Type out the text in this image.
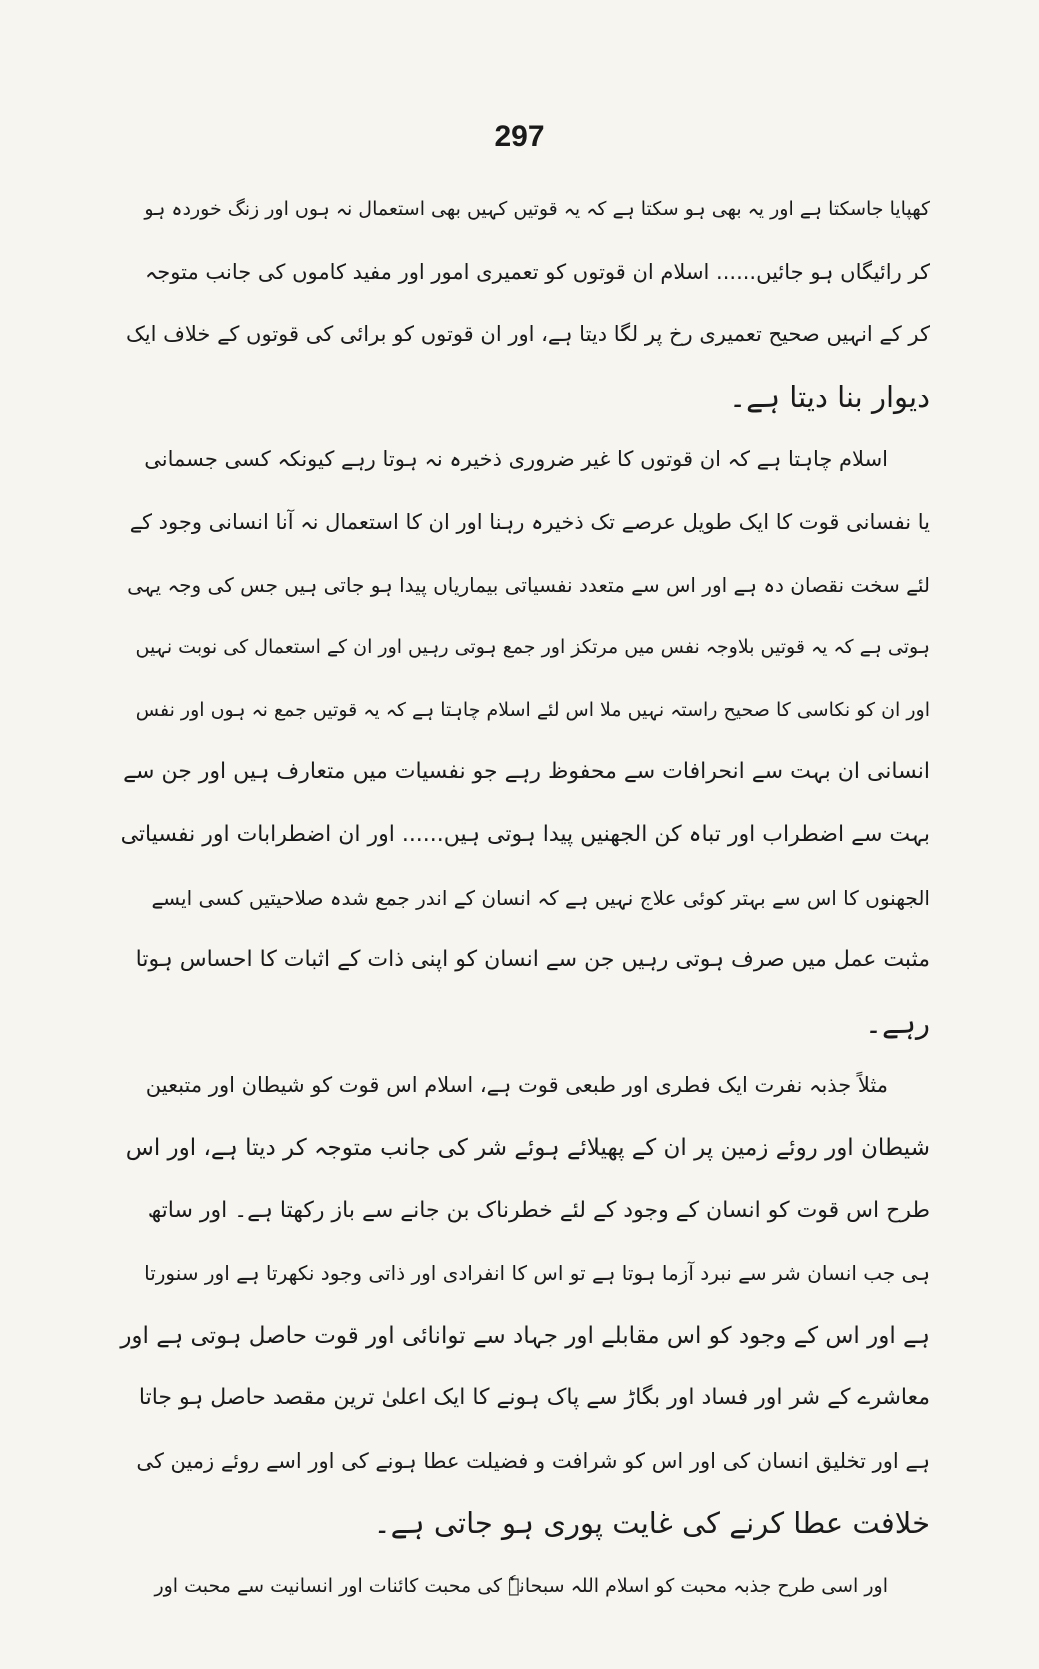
297
کھپایا جاسکتا ہے اور یہ بھی ہو سکتا ہے کہ یہ قوتیں کہیں بھی استعمال نہ ہوں اور زنگ خوردہ ہو
کر رائیگاں ہو جائیں...... اسلام ان قوتوں کو تعمیری امور اور مفید کاموں کی جانب متوجہ
کر کے انہیں صحیح تعمیری رخ پر لگا دیتا ہے، اور ان قوتوں کو برائی کی قوتوں کے خلاف ایک
دیوار بنا دیتا ہے۔
اسلام چاہتا ہے کہ ان قوتوں کا غیر ضروری ذخیرہ نہ ہوتا رہے کیونکہ کسی جسمانی
یا نفسانی قوت کا ایک طویل عرصے تک ذخیرہ رہنا اور ان کا استعمال نہ آنا انسانی وجود کے
لئے سخت نقصان دہ ہے اور اس سے متعدد نفسیاتی بیماریاں پیدا ہو جاتی ہیں جس کی وجہ یہی
ہوتی ہے کہ یہ قوتیں بلاوجہ نفس میں مرتکز اور جمع ہوتی رہیں اور ان کے استعمال کی نوبت نہیں
اور ان کو نکاسی کا صحیح راستہ نہیں ملا اس لئے اسلام چاہتا ہے کہ یہ قوتیں جمع نہ ہوں اور نفس
انسانی ان بہت سے انحرافات سے محفوظ رہے جو نفسیات میں متعارف ہیں اور جن سے
بہت سے اضطراب اور تباہ کن الجھنیں پیدا ہوتی ہیں...... اور ان اضطرابات اور نفسیاتی
الجھنوں کا اس سے بہتر کوئی علاج نہیں ہے کہ انسان کے اندر جمع شدہ صلاحیتیں کسی ایسے
مثبت عمل میں صرف ہوتی رہیں جن سے انسان کو اپنی ذات کے اثبات کا احساس ہوتا
رہے۔
مثلاً جذبہ نفرت ایک فطری اور طبعی قوت ہے، اسلام اس قوت کو شیطان اور متبعین
شیطان اور روئے زمین پر ان کے پھیلائے ہوئے شر کی جانب متوجہ کر دیتا ہے، اور اس
طرح اس قوت کو انسان کے وجود کے لئے خطرناک بن جانے سے باز رکھتا ہے۔ اور ساتھ
ہی جب انسان شر سے نبرد آزما ہوتا ہے تو اس کا انفرادی اور ذاتی وجود نکھرتا ہے اور سنورتا
ہے اور اس کے وجود کو اس مقابلے اور جہاد سے توانائی اور قوت حاصل ہوتی ہے اور
معاشرے کے شر اور فساد اور بگاڑ سے پاک ہونے کا ایک اعلیٰ ترین مقصد حاصل ہو جاتا
ہے اور تخلیق انسان کی اور اس کو شرافت و فضیلت عطا ہونے کی اور اسے روئے زمین کی
خلافت عطا کرنے کی غایت پوری ہو جاتی ہے۔
اور اسی طرح جذبہ محبت کو اسلام اللہ سبحانہٗ کی محبت کائنات اور انسانیت سے محبت اور
